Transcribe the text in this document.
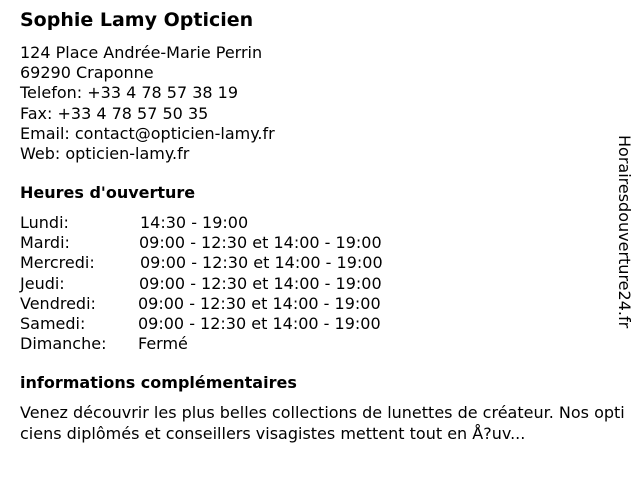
Sophie Lamy Opticien
124 Place Andrée-Marie Perrin
69290 Craponne
Telefon: +33 4 78 57 38 19
Fax: +33 4 78 57 50 35
Email: contact@opticien-lamy.fr
Web: opticien-lamy.fr
Heures d'ouverture
Lundi:	14:30 - 19:00
Mardi:	09:00 - 12:30 et 14:00 - 19:00
Mercredi:	09:00 - 12:30 et 14:00 - 19:00
Jeudi:	09:00 - 12:30 et 14:00 - 19:00
Vendredi:	09:00 - 12:30 et 14:00 - 19:00
Samedi:	09:00 - 12:30 et 14:00 - 19:00
Dimanche: Fermé
informations complémentaires
Venez découvrir les plus belles collections de lunettes de créateur. Nos opticiens diplômés et conseillers visagistes mettent tout en Å?uv...
Horairesdouverture24.fr
